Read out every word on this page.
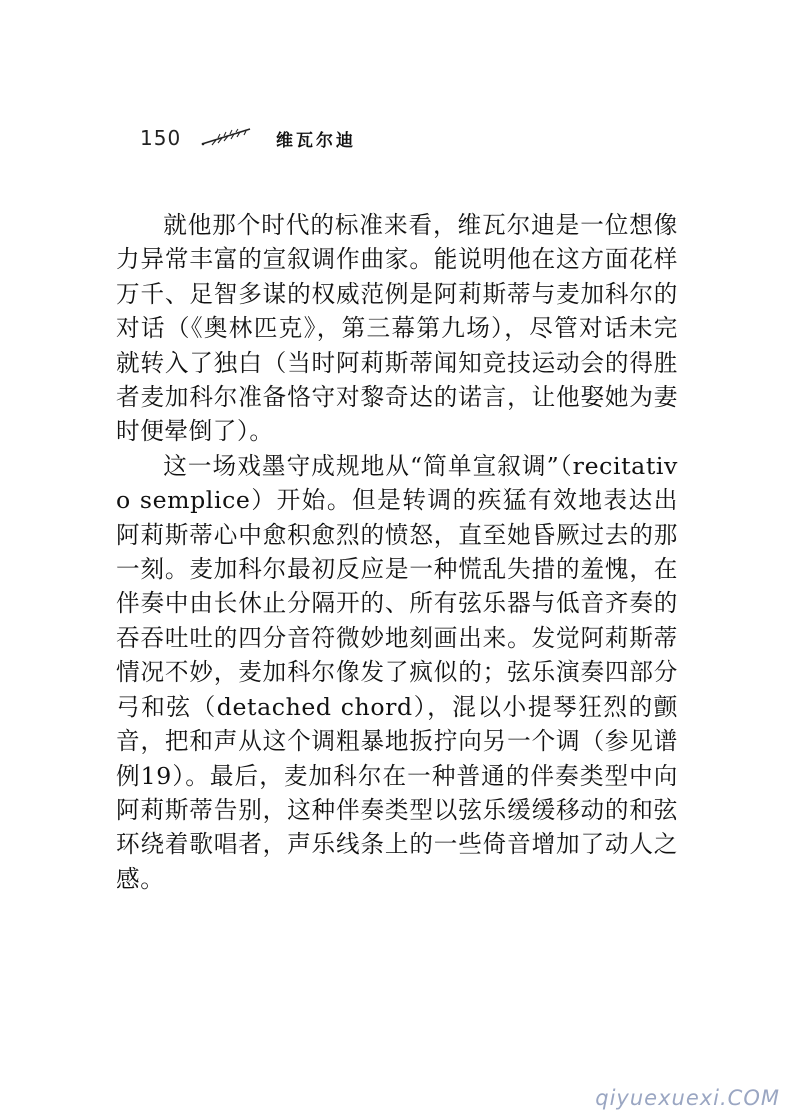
150	维瓦尔迪

就他那个时代的标准来看，维瓦尔迪是一位想像力异常丰富的宣叙调作曲家。能说明他在这方面花样万千、足智多谋的权威范例是阿莉斯蒂与麦加科尔的对话（《奥林匹克》，第三幕第九场），尽管对话未完就转入了独白（当时阿莉斯蒂闻知竞技运动会的得胜者麦加科尔准备恪守对黎奇达的诺言，让他娶她为妻时便晕倒了）。

这一场戏墨守成规地从“简单宣叙调”（recitativo semplice）开始。但是转调的疾猛有效地表达出阿莉斯蒂心中愈积愈烈的愤怒，直至她昏厥过去的那一刻。麦加科尔最初反应是一种慌乱失措的羞愧，在伴奏中由长休止分隔开的、所有弦乐器与低音齐奏的吞吞吐吐的四分音符微妙地刻画出来。发觉阿莉斯蒂情况不妙，麦加科尔像发了疯似的；弦乐演奏四部分弓和弦（detached chord），混以小提琴狂烈的颤音，把和声从这个调粗暴地扳拧向另一个调（参见谱例19）。最后，麦加科尔在一种普通的伴奏类型中向阿莉斯蒂告别，这种伴奏类型以弦乐缓缓移动的和弦环绕着歌唱者，声乐线条上的一些倚音增加了动人之感。

qiyuexuexi.COM
